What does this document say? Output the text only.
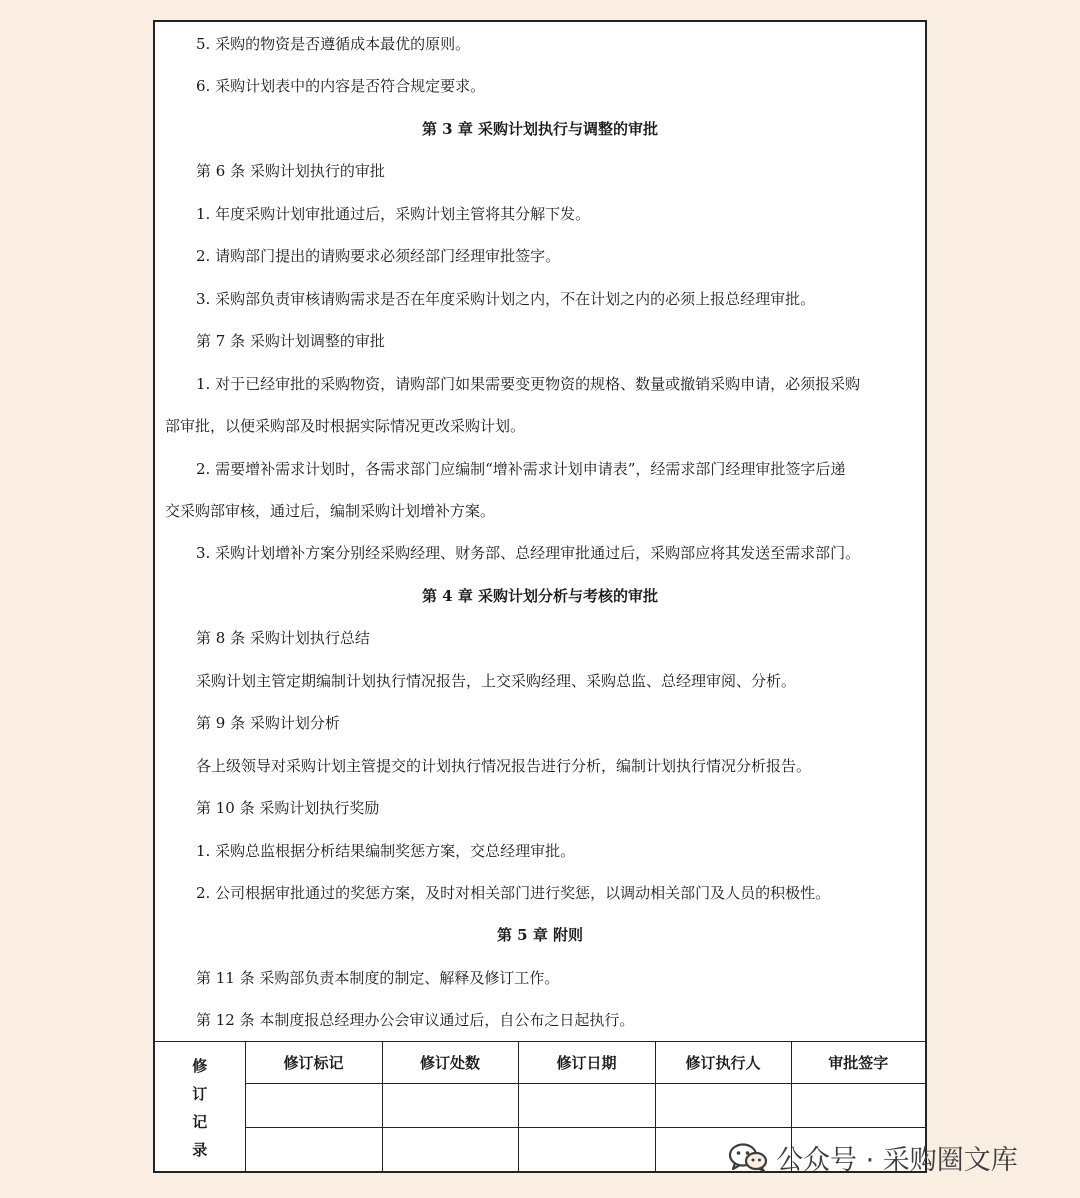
5. 采购的物资是否遵循成本最优的原则。
6. 采购计划表中的内容是否符合规定要求。
第 3 章 采购计划执行与调整的审批
第 6 条 采购计划执行的审批
1. 年度采购计划审批通过后，采购计划主管将其分解下发。
2. 请购部门提出的请购要求必须经部门经理审批签字。
3. 采购部负责审核请购需求是否在年度采购计划之内，不在计划之内的必须上报总经理审批。
第 7 条 采购计划调整的审批
1. 对于已经审批的采购物资，请购部门如果需要变更物资的规格、数量或撤销采购申请，必须报采购
部审批，以便采购部及时根据实际情况更改采购计划。
2. 需要增补需求计划时，各需求部门应编制“增补需求计划申请表”，经需求部门经理审批签字后递
交采购部审核，通过后，编制采购计划增补方案。
3. 采购计划增补方案分别经采购经理、财务部、总经理审批通过后，采购部应将其发送至需求部门。
第 4 章 采购计划分析与考核的审批
第 8 条 采购计划执行总结
采购计划主管定期编制计划执行情况报告，上交采购经理、采购总监、总经理审阅、分析。
第 9 条 采购计划分析
各上级领导对采购计划主管提交的计划执行情况报告进行分析，编制计划执行情况分析报告。
第 10 条 采购计划执行奖励
1. 采购总监根据分析结果编制奖惩方案，交总经理审批。
2. 公司根据审批通过的奖惩方案，及时对相关部门进行奖惩，以调动相关部门及人员的积极性。
第 5 章 附则
第 11 条 采购部负责本制度的制定、解释及修订工作。
第 12 条 本制度报总经理办公会审议通过后，自公布之日起执行。
修
订
记
录	修订标记	修订处数	修订日期	修订执行人	审批签字

公众号 · 采购圈文库
